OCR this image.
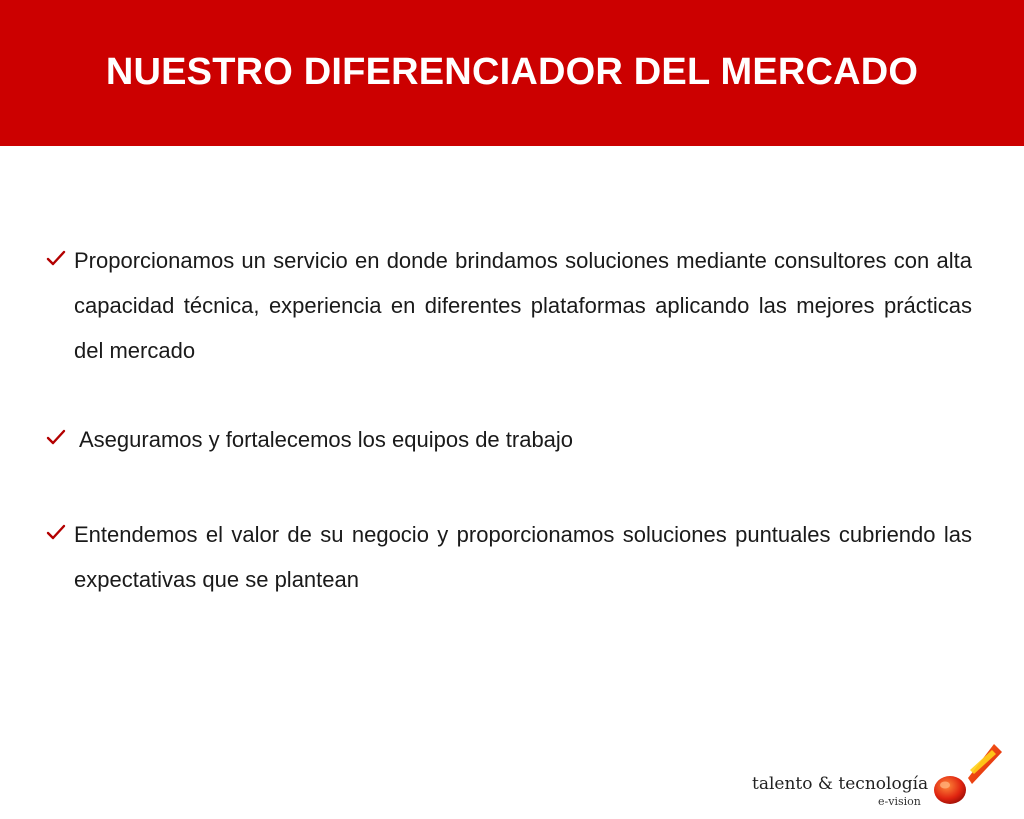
NUESTRO DIFERENCIADOR DEL MERCADO
Proporcionamos un servicio en donde brindamos soluciones mediante consultores con alta capacidad técnica, experiencia en diferentes plataformas aplicando las mejores prácticas del mercado
Aseguramos y fortalecemos los equipos de trabajo
Entendemos el valor de su negocio y proporcionamos soluciones puntuales cubriendo las expectativas que se plantean
talento & tecnología
e-vision
